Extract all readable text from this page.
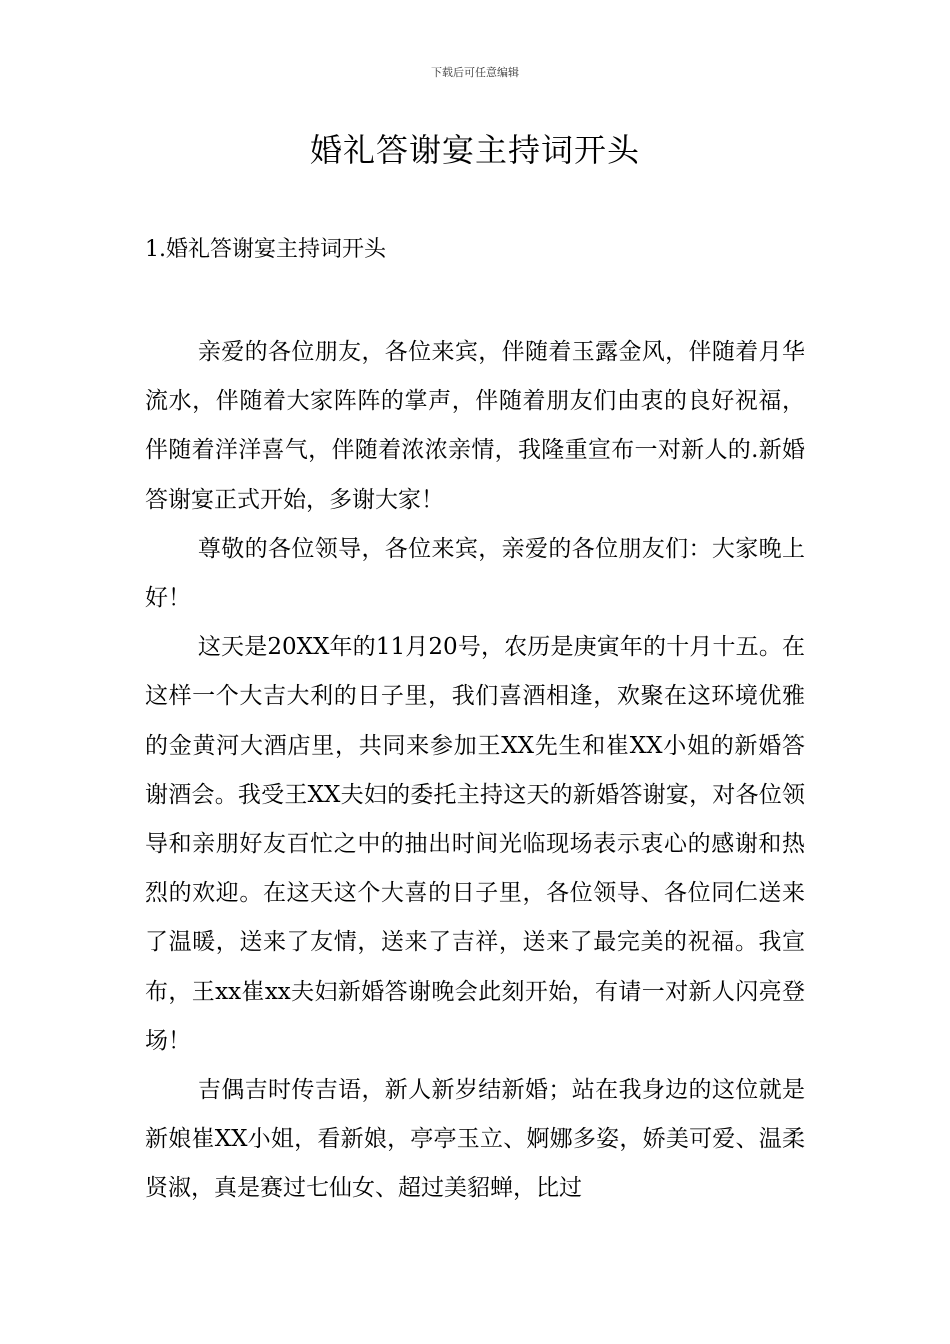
下载后可任意编辑
婚礼答谢宴主持词开头
1.婚礼答谢宴主持词开头

亲爱的各位朋友，各位来宾，伴随着玉露金风，伴随着月华流水，伴随着大家阵阵的掌声，伴随着朋友们由衷的良好祝福，伴随着洋洋喜气，伴随着浓浓亲情，我隆重宣布一对新人的.新婚答谢宴正式开始，多谢大家！

尊敬的各位领导，各位来宾，亲爱的各位朋友们：大家晚上好！

这天是20XX年的11月20号，农历是庚寅年的十月十五。在这样一个大吉大利的日子里，我们喜酒相逢，欢聚在这环境优雅的金黄河大酒店里，共同来参加王XX先生和崔XX小姐的新婚答谢酒会。我受王XX夫妇的委托主持这天的新婚答谢宴，对各位领导和亲朋好友百忙之中的抽出时间光临现场表示衷心的感谢和热烈的欢迎。在这天这个大喜的日子里，各位领导、各位同仁送来了温暖，送来了友情，送来了吉祥，送来了最完美的祝福。我宣布，王xx崔xx夫妇新婚答谢晚会此刻开始，有请一对新人闪亮登场！

吉偶吉时传吉语，新人新岁结新婚；站在我身边的这位就是新娘崔XX小姐，看新娘，亭亭玉立、婀娜多姿，娇美可爱、温柔贤淑，真是赛过七仙女、超过美貂蝉，比过
